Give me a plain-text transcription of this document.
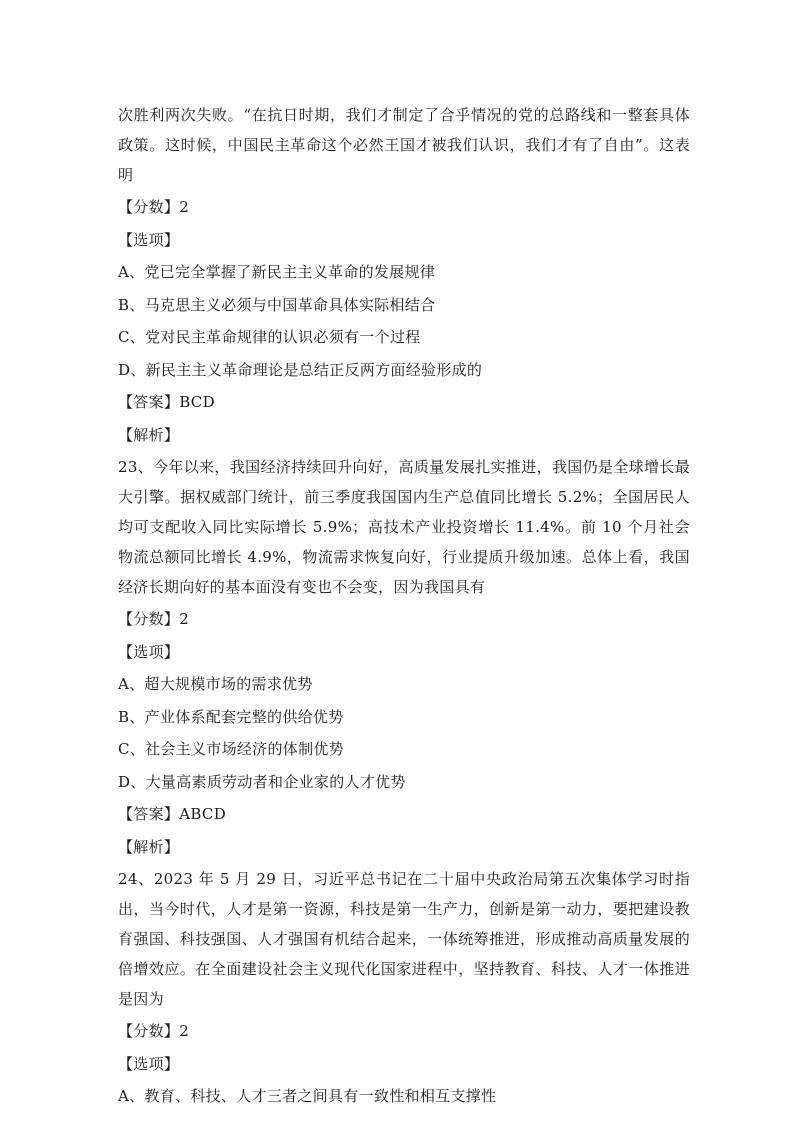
次胜利两次失败。“在抗日时期，我们才制定了合乎情况的党的总路线和一整套具体政策。这时候，中国民主革命这个必然王国才被我们认识，我们才有了自由”。这表明

【分数】2

【选项】

A、党已完全掌握了新民主主义革命的发展规律

B、马克思主义必须与中国革命具体实际相结合

C、党对民主革命规律的认识必须有一个过程

D、新民主主义革命理论是总结正反两方面经验形成的

【答案】BCD

【解析】

23、今年以来，我国经济持续回升向好，高质量发展扎实推进，我国仍是全球增长最大引擎。据权威部门统计，前三季度我国国内生产总值同比增长 5.2%；全国居民人均可支配收入同比实际增长 5.9%；高技术产业投资增长 11.4%。前 10 个月社会物流总额同比增长 4.9%，物流需求恢复向好，行业提质升级加速。总体上看，我国经济长期向好的基本面没有变也不会变，因为我国具有

【分数】2

【选项】

A、超大规模市场的需求优势

B、产业体系配套完整的供给优势

C、社会主义市场经济的体制优势

D、大量高素质劳动者和企业家的人才优势

【答案】ABCD

【解析】

24、2023 年 5 月 29 日，习近平总书记在二十届中央政治局第五次集体学习时指出，当今时代，人才是第一资源，科技是第一生产力，创新是第一动力，要把建设教育强国、科技强国、人才强国有机结合起来，一体统筹推进，形成推动高质量发展的倍增效应。在全面建设社会主义现代化国家进程中，坚持教育、科技、人才一体推进是因为

【分数】2

【选项】

A、教育、科技、人才三者之间具有一致性和相互支撑性
